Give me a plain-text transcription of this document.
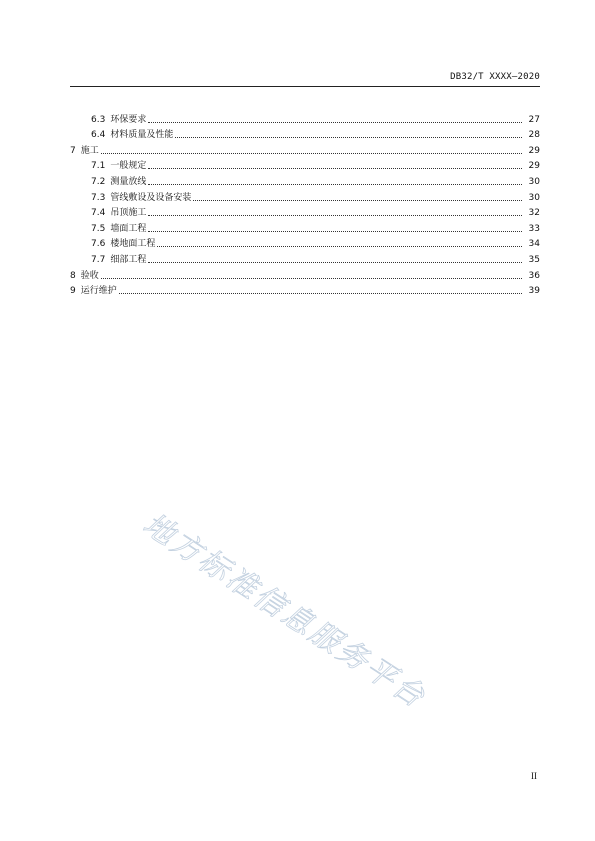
DB32/T XXXX—2020
6.3 环保要求	27
6.4 材料质量及性能	28
7 施工	29
7.1 一般规定	29
7.2 测量放线	30
7.3 管线敷设及设备安装	30
7.4 吊顶施工	32
7.5 墙面工程	33
7.6 楼地面工程	34
7.7 细部工程	35
8 验收	36
9 运行维护	39
地方标准信息服务平台
II
